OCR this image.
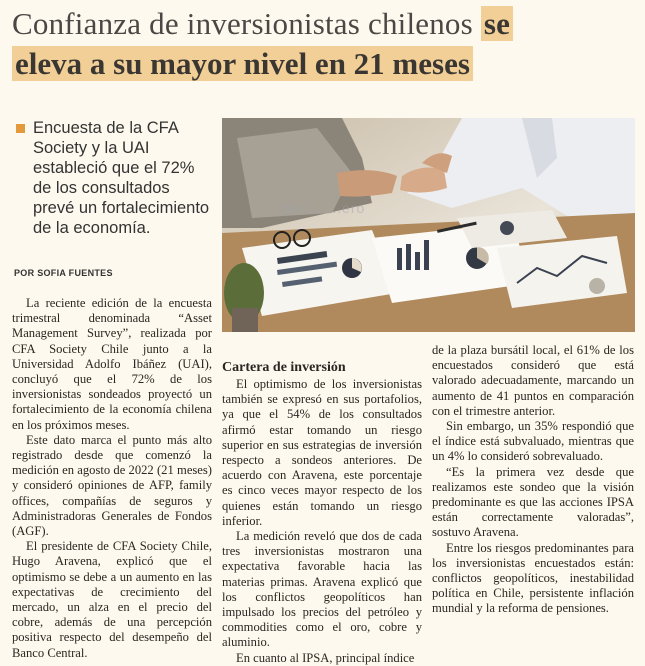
Confianza de inversionistas chilenos se
eleva a su mayor nivel en 21 meses
Encuesta de la CFA Society y la UAI estableció que el 72% de los consultados prevé un fortalecimiento de la economía.
POR SOFIA FUENTES

La reciente edición de la encuesta trimestral denominada “Asset Management Survey”, realizada por CFA Society Chile junto a la Universidad Adolfo Ibáñez (UAI), concluyó que el 72% de los inversionistas sondeados proyectó un fortalecimiento de la economía chilena en los próximos meses.

Este dato marca el punto más alto registrado desde que comenzó la medición en agosto de 2022 (21 meses) y consideró opiniones de AFP, family offices, compañías de seguros y Administradoras Generales de Fondos (AGF).

El presidente de CFA Society Chile, Hugo Aravena, explicó que el optimismo se debe a un aumento en las expectativas de crecimiento del mercado, un alza en el precio del cobre, además de una percepción positiva respecto del desempeño del Banco Central.

@el... ...ero
Cartera de inversión

El optimismo de los inversionistas también se expresó en sus portafolios, ya que el 54% de los consultados afirmó estar tomando un riesgo superior en sus estrategias de inversión respecto a sondeos anteriores. De acuerdo con Aravena, este porcentaje es cinco veces mayor respecto de los quienes están tomando un riesgo inferior.

La medición reveló que dos de cada tres inversionistas mostraron una expectativa favorable hacia las materias primas. Aravena explicó que los conflictos geopolíticos han impulsado los precios del petróleo y commodities como el oro, cobre y aluminio.

En cuanto al IPSA, principal índice

de la plaza bursátil local, el 61% de los encuestados consideró que está valorado adecuadamente, marcando un aumento de 41 puntos en comparación con el trimestre anterior.

Sin embargo, un 35% respondió que el índice está subvaluado, mientras que un 4% lo consideró sobrevaluado.

“Es la primera vez desde que realizamos este sondeo que la visión predominante es que las acciones IPSA están correctamente valoradas”, sostuvo Aravena.

Entre los riesgos predominantes para los inversionistas encuestados están: conflictos geopolíticos, inestabilidad política en Chile, persistente inflación mundial y la reforma de pensiones.
